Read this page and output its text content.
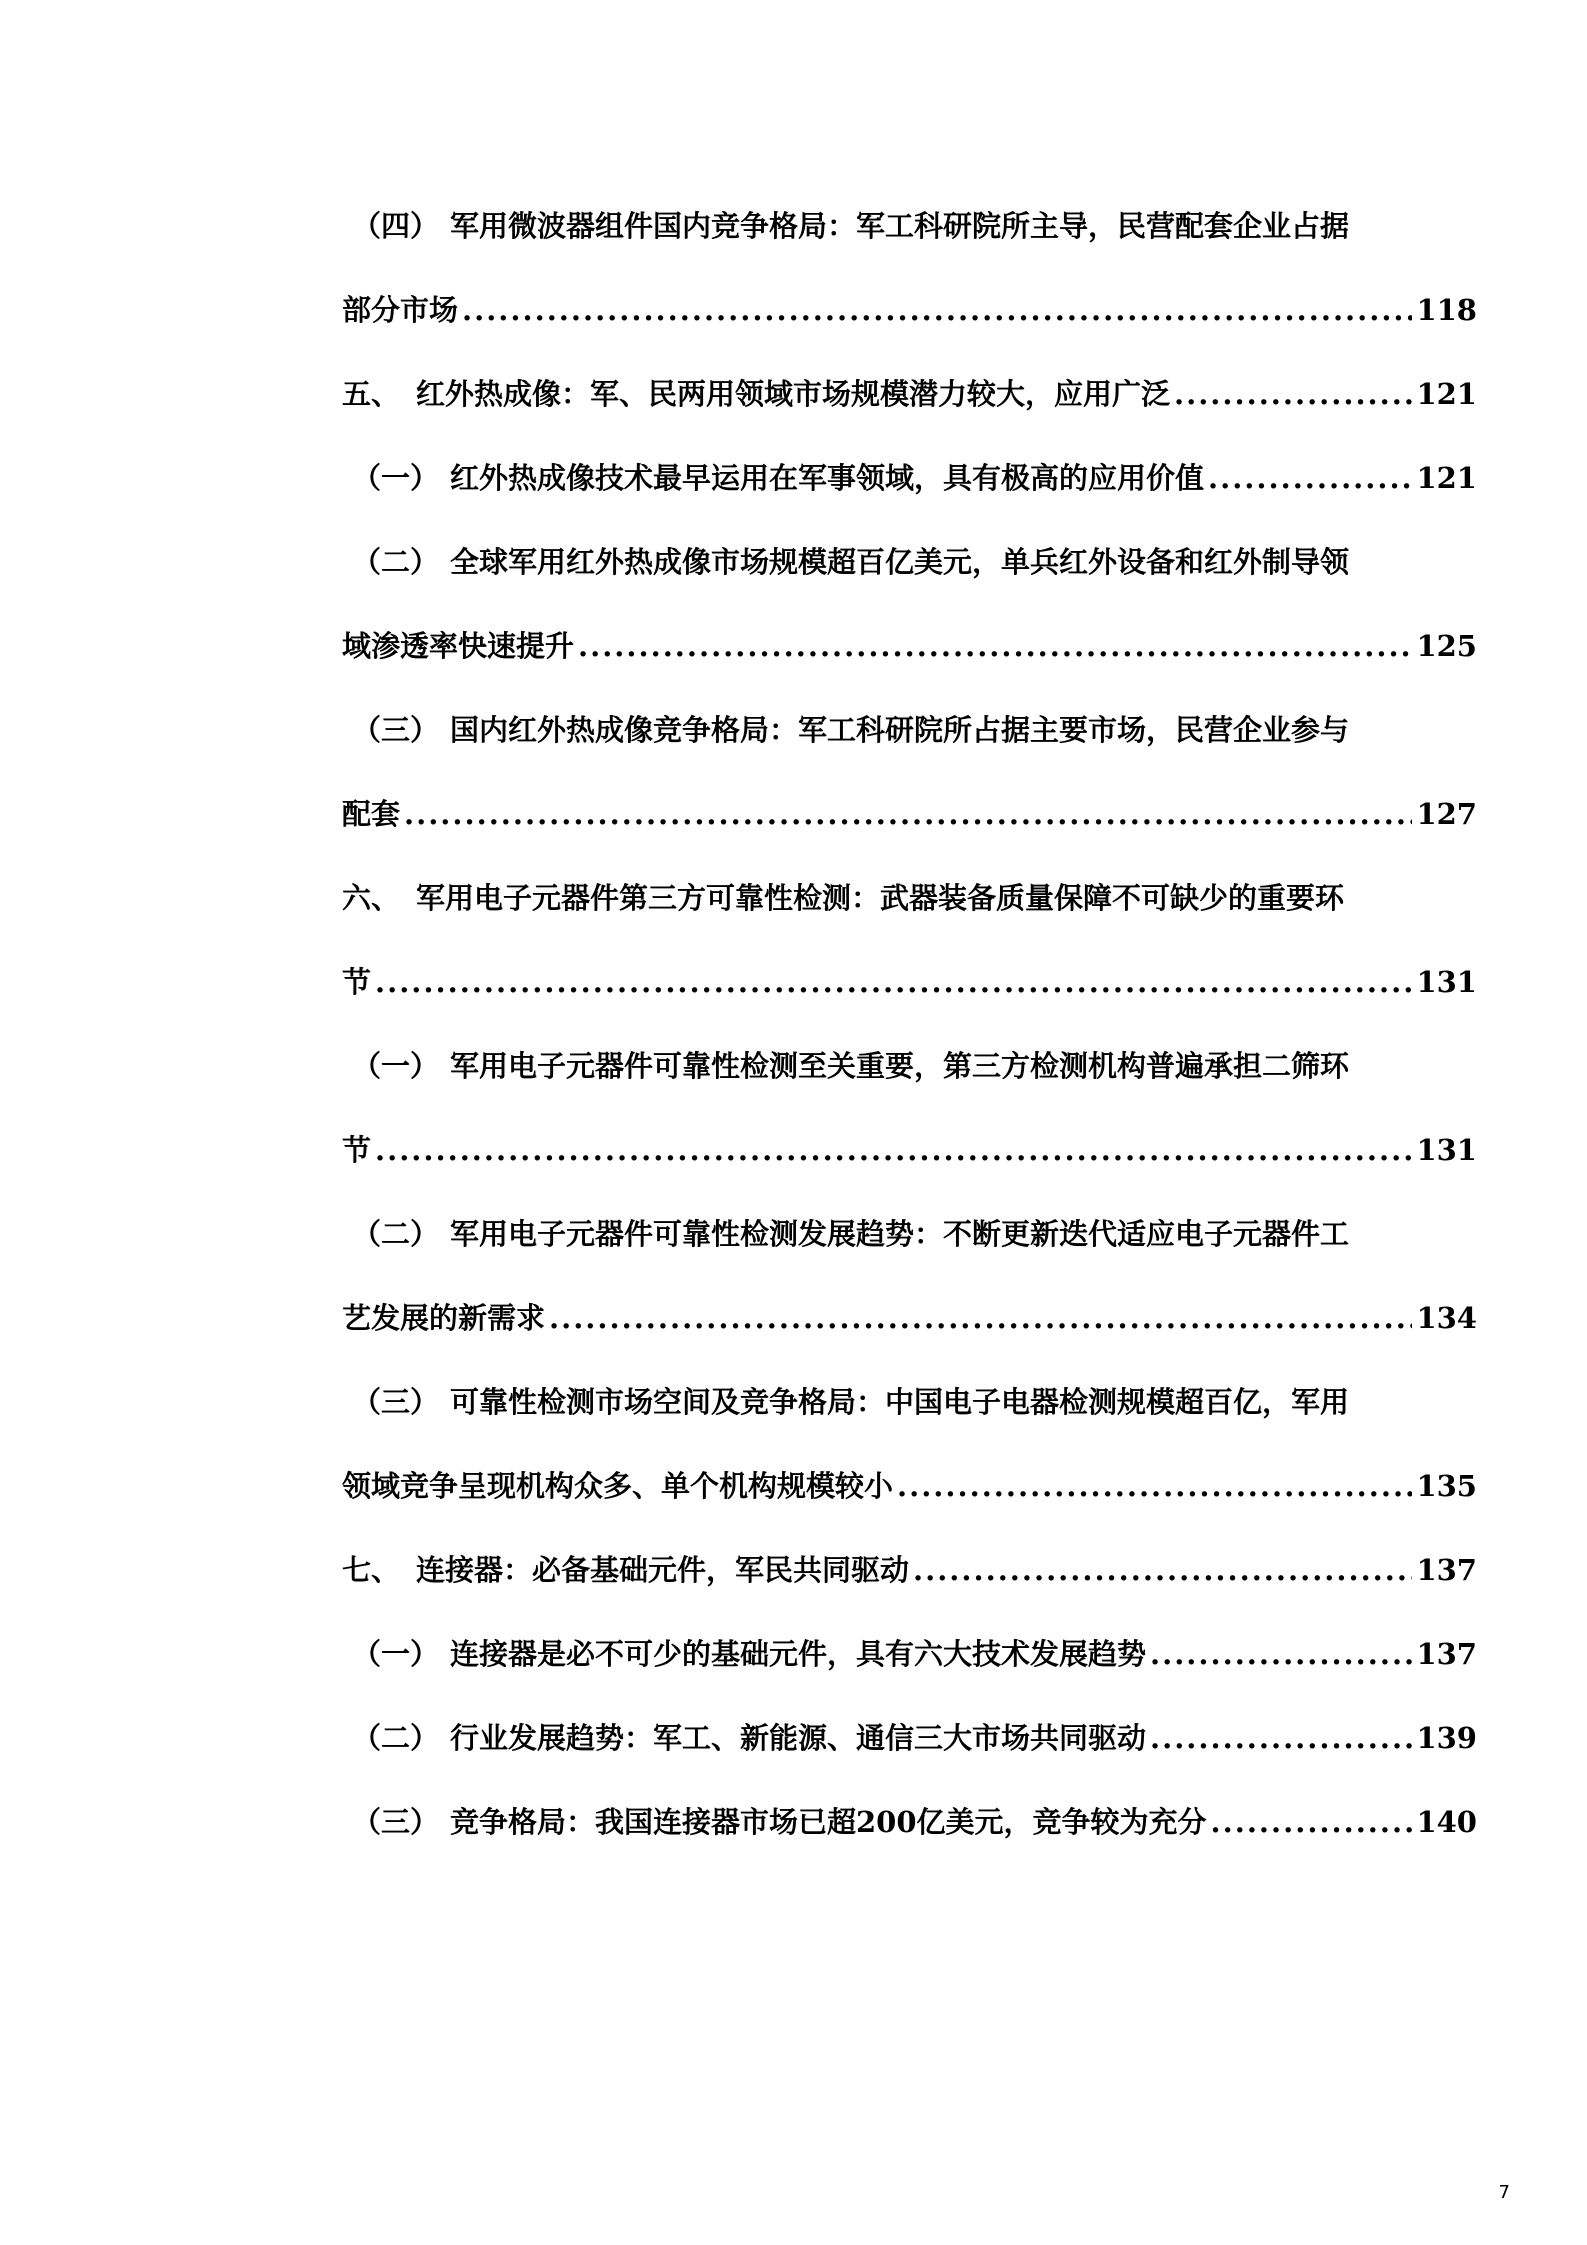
（四） 军用微波器组件国内竞争格局：军工科研院所主导，民营配套企业占据
部分市场 .....	118
五、 红外热成像：军、民两用领域市场规模潜力较大，应用广泛 .....	121
（一） 红外热成像技术最早运用在军事领域，具有极高的应用价值 .....	121
（二） 全球军用红外热成像市场规模超百亿美元，单兵红外设备和红外制导领
域渗透率快速提升 .....	125
（三） 国内红外热成像竞争格局：军工科研院所占据主要市场，民营企业参与
配套 .....	127
六、 军用电子元器件第三方可靠性检测：武器装备质量保障不可缺少的重要环
节 .....	131
（一） 军用电子元器件可靠性检测至关重要，第三方检测机构普遍承担二筛环
节 .....	131
（二） 军用电子元器件可靠性检测发展趋势：不断更新迭代适应电子元器件工
艺发展的新需求 .....	134
（三） 可靠性检测市场空间及竞争格局：中国电子电器检测规模超百亿，军用
领域竞争呈现机构众多、单个机构规模较小 .....	135
七、 连接器：必备基础元件，军民共同驱动 .....	137
（一） 连接器是必不可少的基础元件，具有六大技术发展趋势 .....	137
（二） 行业发展趋势：军工、新能源、通信三大市场共同驱动 .....	139
（三） 竞争格局：我国连接器市场已超200亿美元，竞争较为充分 .....	140
7
